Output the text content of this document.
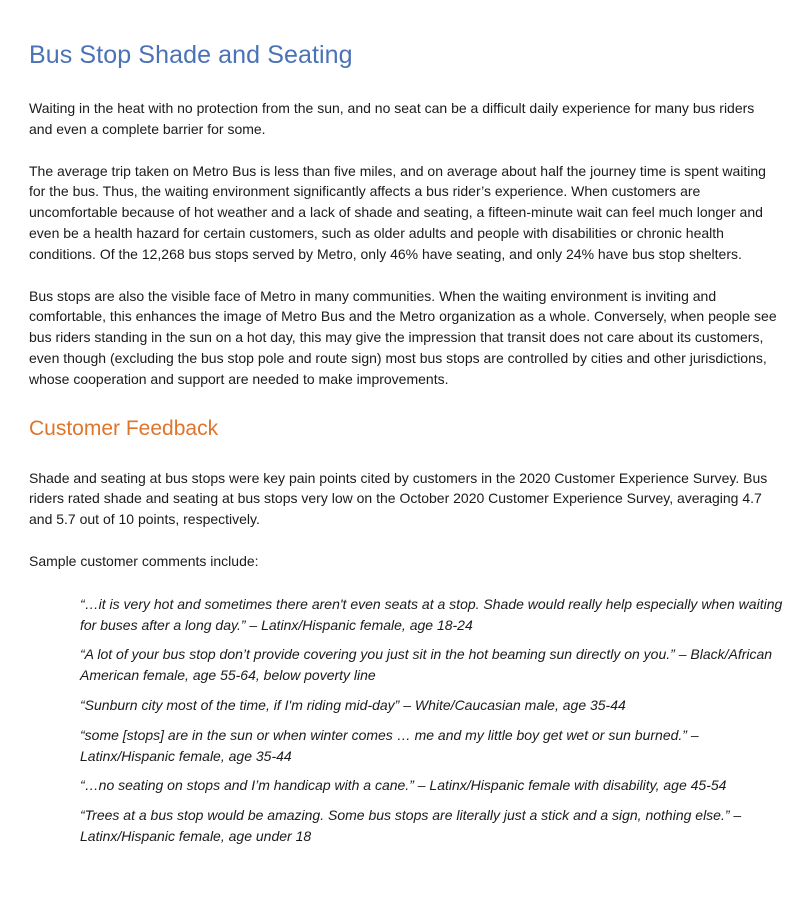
Bus Stop Shade and Seating

Waiting in the heat with no protection from the sun, and no seat can be a difficult daily experience for many bus riders and even a complete barrier for some.

The average trip taken on Metro Bus is less than five miles, and on average about half the journey time is spent waiting for the bus. Thus, the waiting environment significantly affects a bus rider’s experience. When customers are uncomfortable because of hot weather and a lack of shade and seating, a fifteen-minute wait can feel much longer and even be a health hazard for certain customers, such as older adults and people with disabilities or chronic health conditions. Of the 12,268 bus stops served by Metro, only 46% have seating, and only 24% have bus stop shelters.

Bus stops are also the visible face of Metro in many communities. When the waiting environment is inviting and comfortable, this enhances the image of Metro Bus and the Metro organization as a whole. Conversely, when people see bus riders standing in the sun on a hot day, this may give the impression that transit does not care about its customers, even though (excluding the bus stop pole and route sign) most bus stops are controlled by cities and other jurisdictions, whose cooperation and support are needed to make improvements.

Customer Feedback

Shade and seating at bus stops were key pain points cited by customers in the 2020 Customer Experience Survey. Bus riders rated shade and seating at bus stops very low on the October 2020 Customer Experience Survey, averaging 4.7 and 5.7 out of 10 points, respectively.

Sample customer comments include:

“…it is very hot and sometimes there aren't even seats at a stop. Shade would really help especially when waiting for buses after a long day.” – Latinx/Hispanic female, age 18-24
“A lot of your bus stop don’t provide covering you just sit in the hot beaming sun directly on you.” – Black/African American female, age 55-64, below poverty line
“Sunburn city most of the time, if I'm riding mid-day” – White/Caucasian male, age 35-44
“some [stops] are in the sun or when winter comes … me and my little boy get wet or sun burned.” – Latinx/Hispanic female, age 35-44
“…no seating on stops and I’m handicap with a cane.” – Latinx/Hispanic female with disability, age 45-54
“Trees at a bus stop would be amazing. Some bus stops are literally just a stick and a sign, nothing else.” – Latinx/Hispanic female, age under 18
